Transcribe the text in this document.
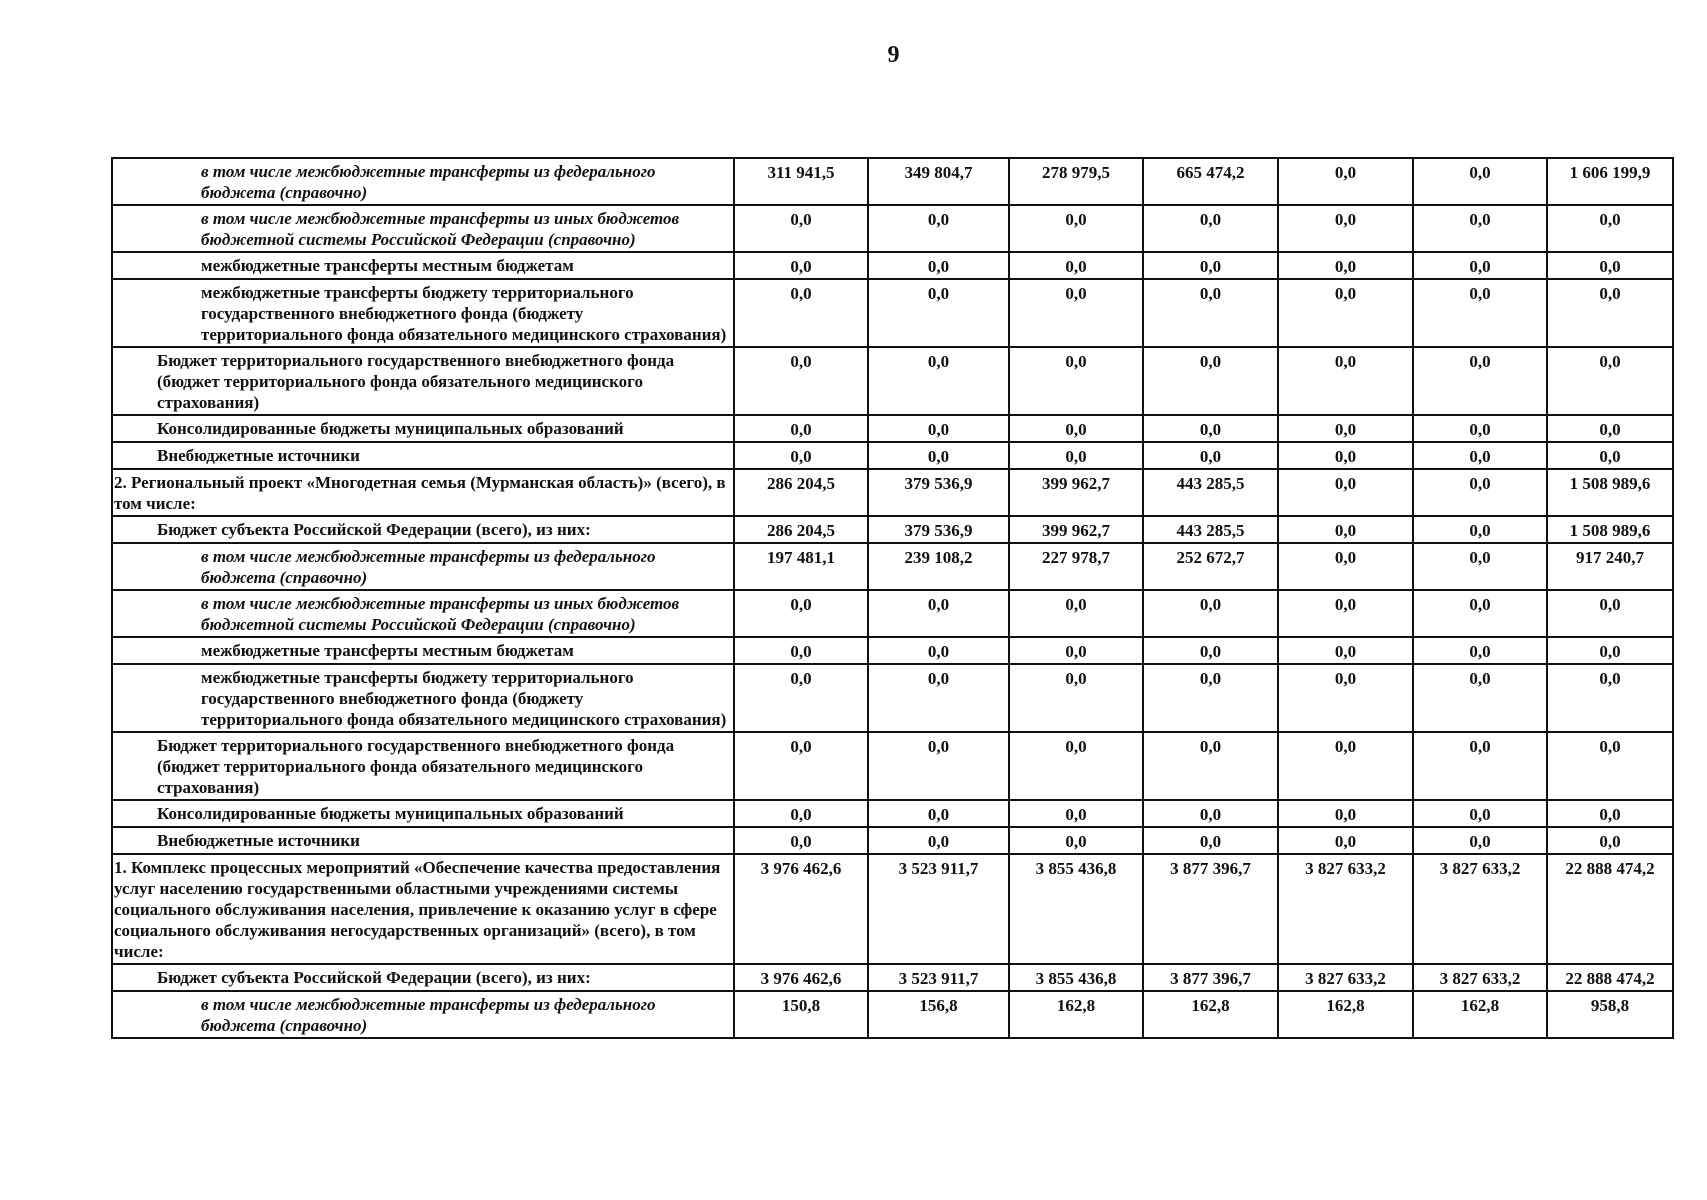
9
в том числе межбюджетные трансферты из федерального бюджета (справочно)	311 941,5	349 804,7	278 979,5	665 474,2	0,0	0,0	1 606 199,9
в том числе межбюджетные трансферты из иных бюджетов бюджетной системы Российской Федерации (справочно)	0,0	0,0	0,0	0,0	0,0	0,0	0,0
межбюджетные трансферты местным бюджетам	0,0	0,0	0,0	0,0	0,0	0,0	0,0
межбюджетные трансферты бюджету территориального государственного внебюджетного фонда (бюджету территориального фонда обязательного медицинского страхования)	0,0	0,0	0,0	0,0	0,0	0,0	0,0
Бюджет территориального государственного внебюджетного фонда (бюджет территориального фонда обязательного медицинского страхования)	0,0	0,0	0,0	0,0	0,0	0,0	0,0
Консолидированные бюджеты муниципальных образований	0,0	0,0	0,0	0,0	0,0	0,0	0,0
Внебюджетные источники	0,0	0,0	0,0	0,0	0,0	0,0	0,0
2. Региональный проект «Многодетная семья (Мурманская область)» (всего), в том числе:	286 204,5	379 536,9	399 962,7	443 285,5	0,0	0,0	1 508 989,6
Бюджет субъекта Российской Федерации (всего), из них:	286 204,5	379 536,9	399 962,7	443 285,5	0,0	0,0	1 508 989,6
в том числе межбюджетные трансферты из федерального бюджета (справочно)	197 481,1	239 108,2	227 978,7	252 672,7	0,0	0,0	917 240,7
в том числе межбюджетные трансферты из иных бюджетов бюджетной системы Российской Федерации (справочно)	0,0	0,0	0,0	0,0	0,0	0,0	0,0
межбюджетные трансферты местным бюджетам	0,0	0,0	0,0	0,0	0,0	0,0	0,0
межбюджетные трансферты бюджету территориального государственного внебюджетного фонда (бюджету территориального фонда обязательного медицинского страхования)	0,0	0,0	0,0	0,0	0,0	0,0	0,0
Бюджет территориального государственного внебюджетного фонда (бюджет территориального фонда обязательного медицинского страхования)	0,0	0,0	0,0	0,0	0,0	0,0	0,0
Консолидированные бюджеты муниципальных образований	0,0	0,0	0,0	0,0	0,0	0,0	0,0
Внебюджетные источники	0,0	0,0	0,0	0,0	0,0	0,0	0,0
1. Комплекс процессных мероприятий «Обеспечение качества предоставления услуг населению государственными областными учреждениями системы социального обслуживания населения, привлечение к оказанию услуг в сфере социального обслуживания негосударственных организаций» (всего), в том числе:	3 976 462,6	3 523 911,7	3 855 436,8	3 877 396,7	3 827 633,2	3 827 633,2	22 888 474,2
Бюджет субъекта Российской Федерации (всего), из них:	3 976 462,6	3 523 911,7	3 855 436,8	3 877 396,7	3 827 633,2	3 827 633,2	22 888 474,2
в том числе межбюджетные трансферты из федерального бюджета (справочно)	150,8	156,8	162,8	162,8	162,8	162,8	958,8
